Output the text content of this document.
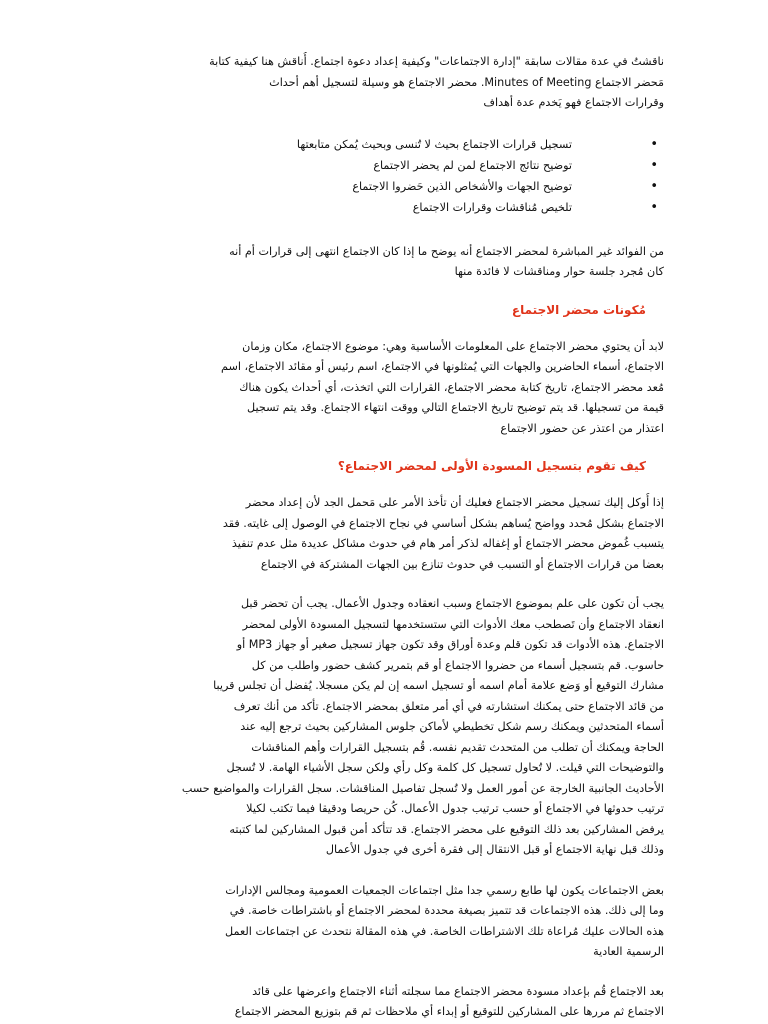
ناقشتُ في عدة مقالات سابقة "إدارة الاجتماعات" وكيفية إعداد دعوة اجتماع. أُناقش هنا كيفية كتابة
مَحضر الاجتماع Minutes of Meeting. محضر الاجتماع هو وسيلة لتسجيل أهم أحداث
وقرارات الاجتماع فهو يَخدم عدة أهداف

•
تسجيل قرارات الاجتماع بحيث لا تُنسى وبحيث يُمكن متابعتها
•
توضيح نتائج الاجتماع لمن لم يحضر الاجتماع
•
توضيح الجهات والأشخاص الذين حَضروا الاجتماع
•
تلخيص مُناقشات وقرارات الاجتماع

من الفوائد غير المباشرة لمحضر الاجتماع أنه يوضح ما إذا كان الاجتماع انتهى إلى قرارات أم أنه
كان مُجرد جلسة حوار ومناقشات لا فائدة منها

مُكونات محضر الاجتماع

لابد أن يحتوي محضر الاجتماع على المعلومات الأساسية وهي: موضوع الاجتماع، مكان وزمان
الاجتماع، أسماء الحاضرين والجهات التي يُمثلونها في الاجتماع، اسم رئيس أو مقائد الاجتماع، اسم
مُعد محضر الاجتماع، تاريخ كتابة محضر الاجتماع، القرارات التي اتخذت، أي أحداث يكون هناك
قيمة من تسجيلها. قد يتم توضيح تاريخ الاجتماع التالي ووقت انتهاء الاجتماع. وقد يتم تسجيل
اعتذار من اعتذر عن حضور الاجتماع

كيف تقوم بتسجيل المسودة الأولى لمحضر الاجتماع؟

إذا أُوكل إليك تسجيل محضر الاجتماع فعليك أن تأخذ الأمر على مَحمل الجد لأن إعداد محضر
الاجتماع بشكل مُحدد وواضح يُساهم بشكل أساسي في نجاح الاجتماع في الوصول إلى غايته. فقد
يتسبب غُموض محضر الاجتماع أو إغفاله لذكر أمر هام في حدوث مشاكل عديدة مثل عدم تنفيذ
بعضا من قرارات الاجتماع أو التسبب في حدوث تنازع بين الجهات المشتركة في الاجتماع

يجب أن تكون على علم بموضوع الاجتماع وسبب انعقاده وجدول الأعمال. يجب أن تحضر قبل
انعقاد الاجتماع وأن تَصطحب معك الأدوات التي ستستخدمها لتسجيل المسودة الأولى لمحضر
الاجتماع. هذه الأدوات قد تكون قلم وعدة أوراق وقد تكون جهاز تسجيل صغير أو جهاز MP3 أو
حاسوب. قم بتسجيل أسماء من حضروا الاجتماع أو قم بتمرير كشف حضور واطلب من كل
مشارك التوقيع أو وَضع علامة أمام اسمه أو تسجيل اسمه إن لم يكن مسجلا. يُفضل أن تجلس قريبا
من قائد الاجتماع حتى يمكنك استشارته في أي أمر متعلق بمحضر الاجتماع. تأكد من أنك تعرف
أسماء المتحدثين ويمكنك رسم شكل تخطيطي لأماكن جلوس المشاركين بحيث ترجع إليه عند
الحاجة ويمكنك أن تطلب من المتحدث تقديم نفسه. قُم بتسجيل القرارات وأهم المناقشات
والتوضيحات التي قيلت. لا تُحاول تسجيل كل كلمة وكل رأي ولكن سجل الأشياء الهامة. لا تُسجل
الأحاديث الجانبية الخارجة عن أمور العمل ولا تُسجل تفاصيل المناقشات. سجل القرارات والمواضيع حسب
ترتيب حدوثها في الاجتماع أو حسب ترتيب جدول الأعمال. كُن حريصا ودقيقا فيما تكتب لكيلا
يرفض المشاركين بعد ذلك التوقيع على محضر الاجتماع. قد تتأكد أمن قبول المشاركين لما كتبته
وذلك قبل نهاية الاجتماع أو قبل الانتقال إلى فقرة أخرى في جدول الأعمال

بعض الاجتماعات يكون لها طابع رسمي جدا مثل اجتماعات الجمعيات العمومية ومجالس الإدارات
وما إلى ذلك. هذه الاجتماعات قد تتميز بصيغة محددة لمحضر الاجتماع أو باشتراطات خاصة. في
هذه الحالات عليك مُراعاة تلك الاشتراطات الخاصة. في هذه المقالة نتحدث عن اجتماعات العمل
الرسمية العادية

بعد الاجتماع قُم بإعداد مسودة محضر الاجتماع مما سجلته أثناء الاجتماع واعرضها على قائد
الاجتماع ثم مررها على المشاركين للتوقيع أو إبداء أي ملاحظات ثم قم بتوزيع المحضر الاجتماع
